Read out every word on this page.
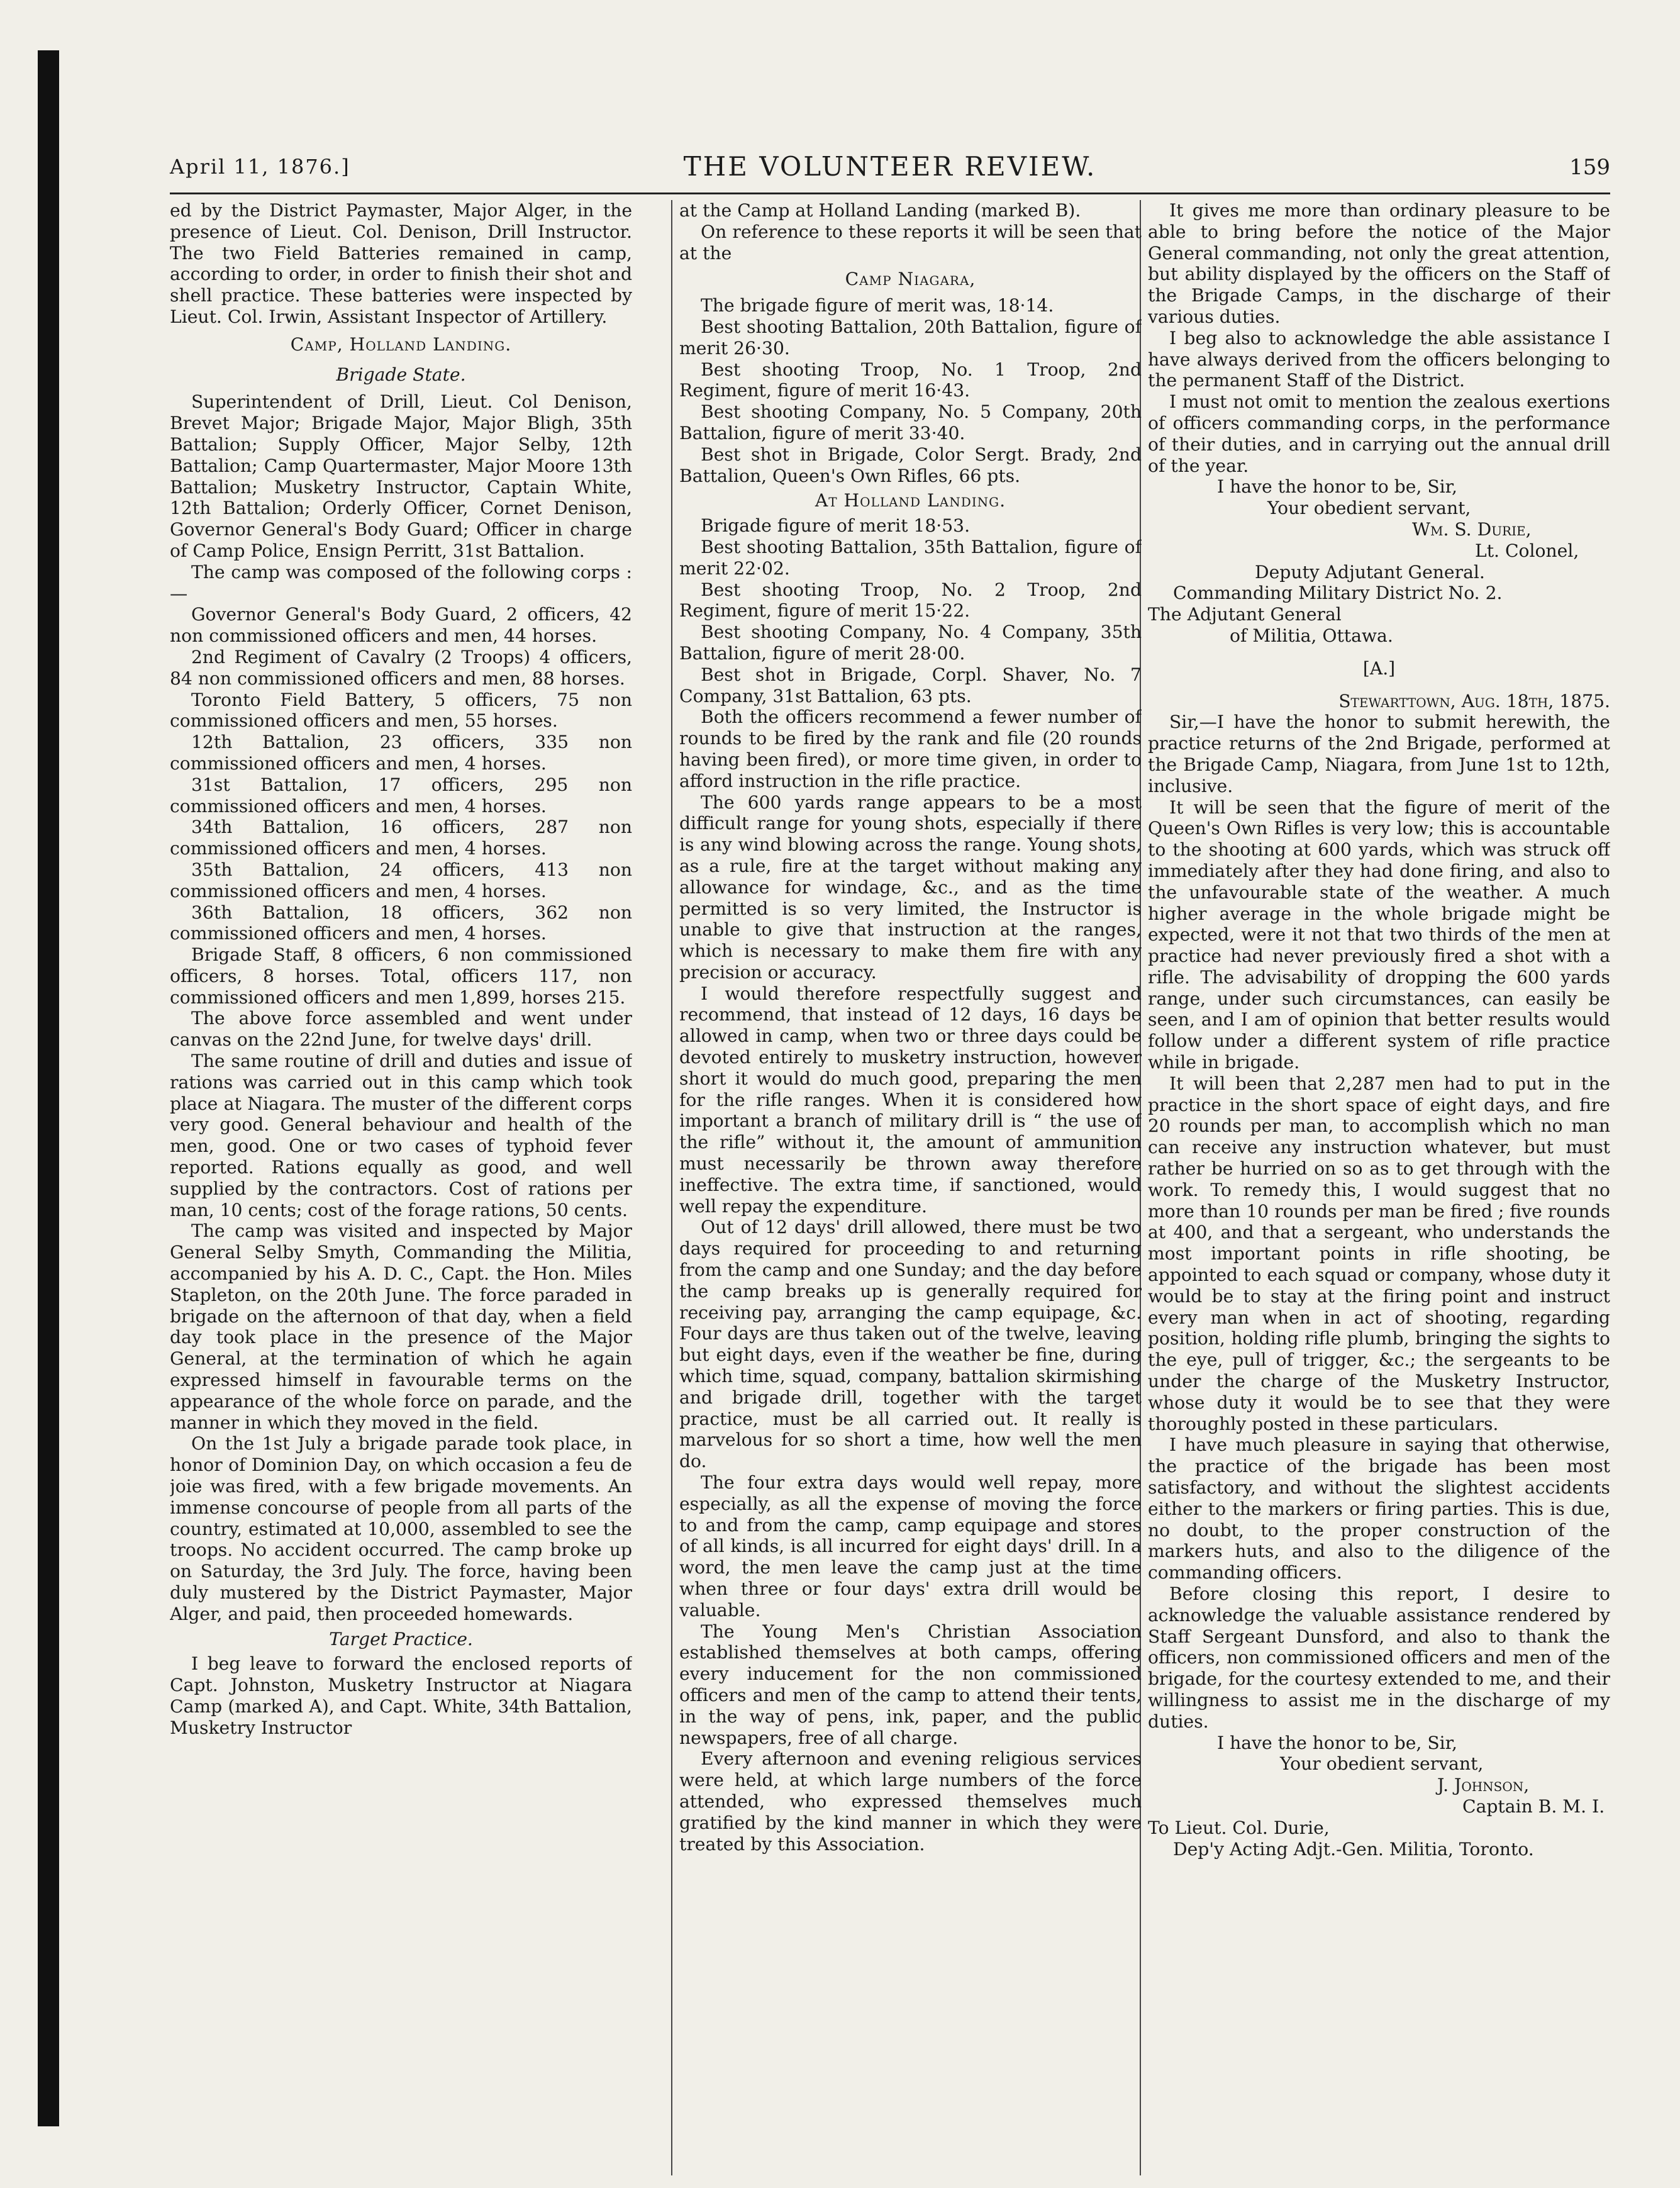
April 11, 1876.]	THE VOLUNTEER REVIEW.	159

ed by the District Paymaster, Major Alger, in the presence of Lieut. Col. Denison, Drill Instructor. The two Field Batteries remained in camp, according to order, in order to finish their shot and shell practice. These batteries were inspected by Lieut. Col. Irwin, Assistant Inspector of Artillery.

Camp, Holland Landing.

Brigade State.

Superintendent of Drill, Lieut. Col Denison, Brevet Major; Brigade Major, Major Bligh, 35th Battalion; Supply Officer, Major Selby, 12th Battalion; Camp Quartermaster, Major Moore 13th Battalion; Musketry Instructor, Captain White, 12th Battalion; Orderly Officer, Cornet Denison, Governor General's Body Guard; Officer in charge of Camp Police, Ensign Perritt, 31st Battalion.

The camp was composed of the following corps :—

Governor General's Body Guard, 2 officers, 42 non commissioned officers and men, 44 horses.

2nd Regiment of Cavalry (2 Troops) 4 officers, 84 non commissioned officers and men, 88 horses.

Toronto Field Battery, 5 officers, 75 non commissioned officers and men, 55 horses.

12th Battalion, 23 officers, 335 non commissioned officers and men, 4 horses.

31st Battalion, 17 officers, 295 non commissioned officers and men, 4 horses.

34th Battalion, 16 officers, 287 non commissioned officers and men, 4 horses.

35th Battalion, 24 officers, 413 non commissioned officers and men, 4 horses.

36th Battalion, 18 officers, 362 non commissioned officers and men, 4 horses.

Brigade Staff, 8 officers, 6 non commissioned officers, 8 horses. Total, officers 117, non commissioned officers and men 1,899, horses 215.

The above force assembled and went under canvas on the 22nd June, for twelve days' drill.

The same routine of drill and duties and issue of rations was carried out in this camp which took place at Niagara. The muster of the different corps very good. General behaviour and health of the men, good. One or two cases of typhoid fever reported. Rations equally as good, and well supplied by the contractors. Cost of rations per man, 10 cents; cost of the forage rations, 50 cents.

The camp was visited and inspected by Major General Selby Smyth, Commanding the Militia, accompanied by his A. D. C., Capt. the Hon. Miles Stapleton, on the 20th June. The force paraded in brigade on the afternoon of that day, when a field day took place in the presence of the Major General, at the termination of which he again expressed himself in favourable terms on the appearance of the whole force on parade, and the manner in which they moved in the field.

On the 1st July a brigade parade took place, in honor of Dominion Day, on which occasion a feu de joie was fired, with a few brigade movements. An immense concourse of people from all parts of the country, estimated at 10,000, assembled to see the troops. No accident occurred. The camp broke up on Saturday, the 3rd July. The force, having been duly mustered by the District Paymaster, Major Alger, and paid, then proceeded homewards.

Target Practice.

I beg leave to forward the enclosed reports of Capt. Johnston, Musketry Instructor at Niagara Camp (marked A), and Capt. White, 34th Battalion, Musketry Instructor

at the Camp at Holland Landing (marked B).

On reference to these reports it will be seen that at the

Camp Niagara,

The brigade figure of merit was, 18·14.

Best shooting Battalion, 20th Battalion, figure of merit 26·30.

Best shooting Troop, No. 1 Troop, 2nd Regiment, figure of merit 16·43.

Best shooting Company, No. 5 Company, 20th Battalion, figure of merit 33·40.

Best shot in Brigade, Color Sergt. Brady, 2nd Battalion, Queen's Own Rifles, 66 pts.

At Holland Landing.

Brigade figure of merit 18·53.

Best shooting Battalion, 35th Battalion, figure of merit 22·02.

Best shooting Troop, No. 2 Troop, 2nd Regiment, figure of merit 15·22.

Best shooting Company, No. 4 Company, 35th Battalion, figure of merit 28·00.

Best shot in Brigade, Corpl. Shaver, No. 7 Company, 31st Battalion, 63 pts.

Both the officers recommend a fewer number of rounds to be fired by the rank and file (20 rounds having been fired), or more time given, in order to afford instruction in the rifle practice.

The 600 yards range appears to be a most difficult range for young shots, especially if there is any wind blowing across the range. Young shots, as a rule, fire at the target without making any allowance for windage, &c., and as the time permitted is so very limited, the Instructor is unable to give that instruction at the ranges, which is necessary to make them fire with any precision or accuracy.

I would therefore respectfully suggest and recommend, that instead of 12 days, 16 days be allowed in camp, when two or three days could be devoted entirely to musketry instruction, however short it would do much good, preparing the men for the rifle ranges. When it is considered how important a branch of military drill is “ the use of the rifle” without it, the amount of ammunition must necessarily be thrown away therefore ineffective. The extra time, if sanctioned, would well repay the expenditure.

Out of 12 days' drill allowed, there must be two days required for proceeding to and returning from the camp and one Sunday; and the day before the camp breaks up is generally required for receiving pay, arranging the camp equipage, &c. Four days are thus taken out of the twelve, leaving but eight days, even if the weather be fine, during which time, squad, company, battalion skirmishing and brigade drill, together with the target practice, must be all carried out. It really is marvelous for so short a time, how well the men do.

The four extra days would well repay, more especially, as all the expense of moving the force to and from the camp, camp equipage and stores of all kinds, is all incurred for eight days' drill. In a word, the men leave the camp just at the time when three or four days' extra drill would be valuable.

The Young Men's Christian Association established themselves at both camps, offering every inducement for the non commissioned officers and men of the camp to attend their tents, in the way of pens, ink, paper, and the public newspapers, free of all charge.

Every afternoon and evening religious services were held, at which large numbers of the force attended, who expressed themselves much gratified by the kind manner in which they were treated by this Association.

It gives me more than ordinary pleasure to be able to bring before the notice of the Major General commanding, not only the great attention, but ability displayed by the officers on the Staff of the Brigade Camps, in the discharge of their various duties.

I beg also to acknowledge the able assistance I have always derived from the officers belonging to the permanent Staff of the District.

I must not omit to mention the zealous exertions of officers commanding corps, in the performance of their duties, and in carrying out the annual drill of the year.

I have the honor to be, Sir,

Your obedient servant,

Wm. S. Durie,

Lt. Colonel,

Deputy Adjutant General.

Commanding Military District No. 2.

The Adjutant General

of Militia, Ottawa.

[A.]

Stewarttown, Aug. 18th, 1875.

Sir,—I have the honor to submit herewith, the practice returns of the 2nd Brigade, performed at the Brigade Camp, Niagara, from June 1st to 12th, inclusive.

It will be seen that the figure of merit of the Queen's Own Rifles is very low; this is accountable to the shooting at 600 yards, which was struck off immediately after they had done firing, and also to the unfavourable state of the weather. A much higher average in the whole brigade might be expected, were it not that two thirds of the men at practice had never previously fired a shot with a rifle. The advisability of dropping the 600 yards range, under such circumstances, can easily be seen, and I am of opinion that better results would follow under a different system of rifle practice while in brigade.

It will been that 2,287 men had to put in the practice in the short space of eight days, and fire 20 rounds per man, to accomplish which no man can receive any instruction whatever, but must rather be hurried on so as to get through with the work. To remedy this, I would suggest that no more than 10 rounds per man be fired ; five rounds at 400, and that a sergeant, who understands the most important points in rifle shooting, be appointed to each squad or company, whose duty it would be to stay at the firing point and instruct every man when in act of shooting, regarding position, holding rifle plumb, bringing the sights to the eye, pull of trigger, &c.; the sergeants to be under the charge of the Musketry Instructor, whose duty it would be to see that they were thoroughly posted in these particulars.

I have much pleasure in saying that otherwise, the practice of the brigade has been most satisfactory, and without the slightest accidents either to the markers or firing parties. This is due, no doubt, to the proper construction of the markers huts, and also to the diligence of the commanding officers.

Before closing this report, I desire to acknowledge the valuable assistance rendered by Staff Sergeant Dunsford, and also to thank the officers, non commissioned officers and men of the brigade, for the courtesy extended to me, and their willingness to assist me in the discharge of my duties.

I have the honor to be, Sir,

Your obedient servant,

J. Johnson,

Captain B. M. I.

To Lieut. Col. Durie,

Dep'y Acting Adjt.-Gen. Militia, Toronto.
